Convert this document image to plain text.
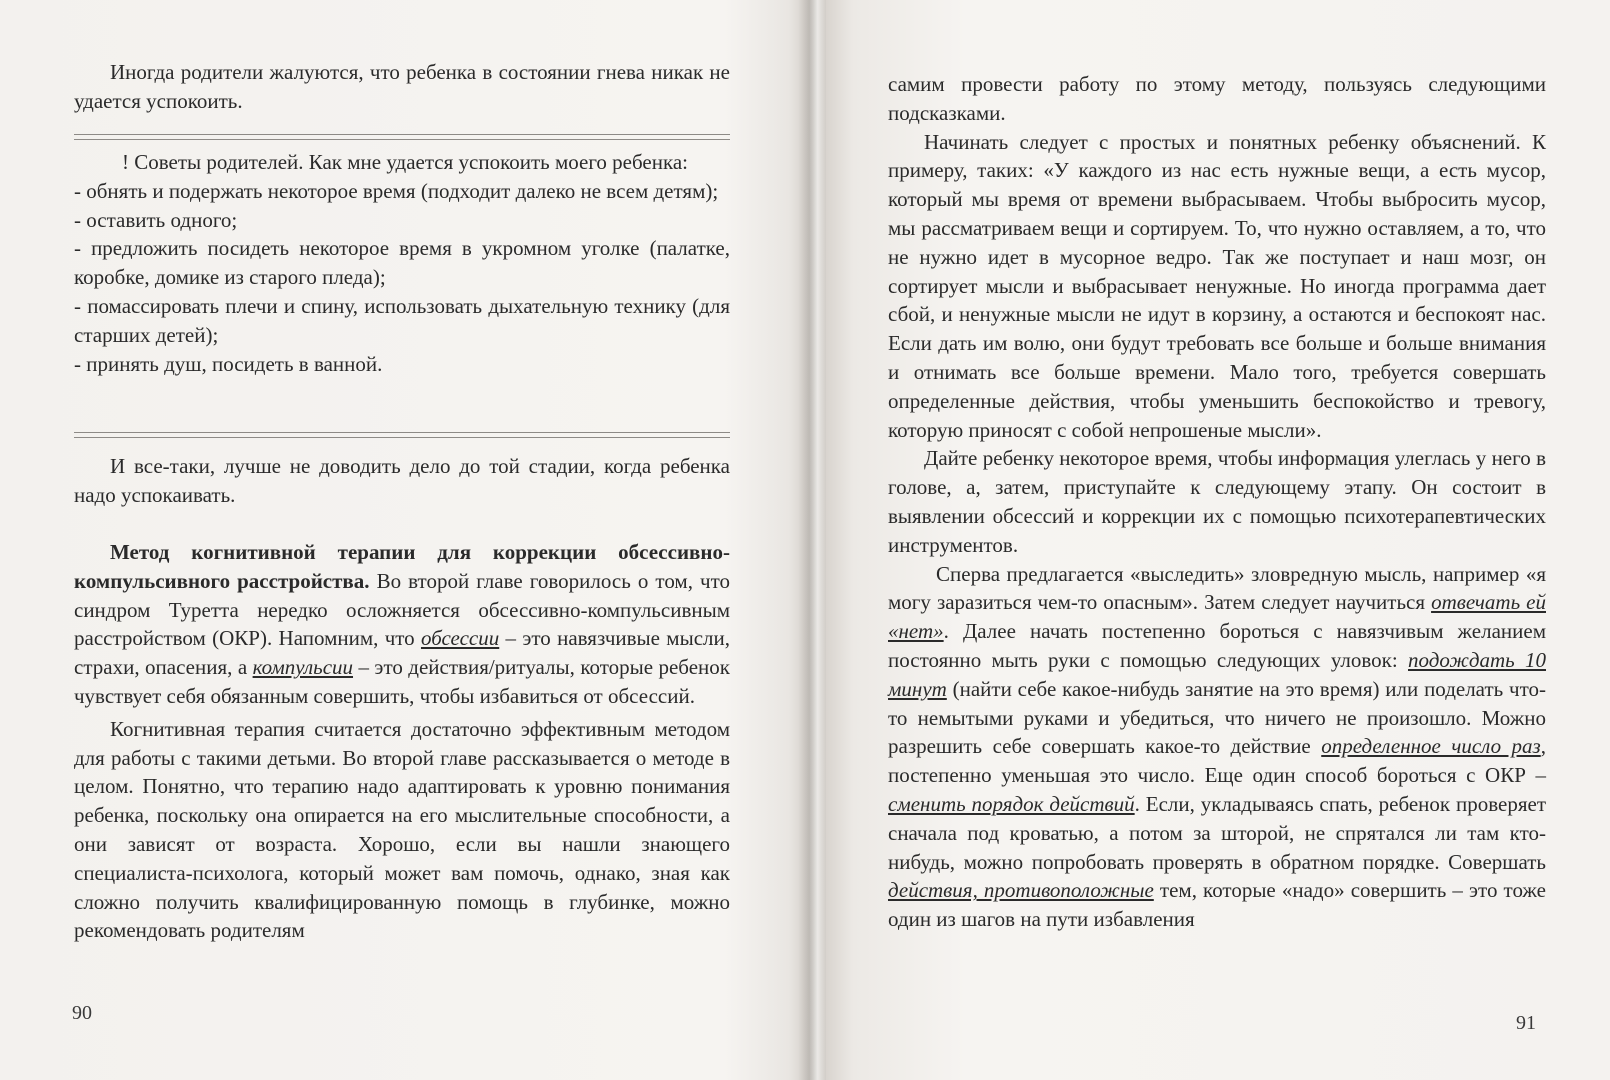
Иногда родители жалуются, что ребенка в состоянии гнева никак не удается успокоить.

! Советы родителей. Как мне удается успокоить моего ребенка:

- обнять и подержать некоторое время (подходит далеко не всем детям);

- оставить одного;

- предложить посидеть некоторое время в укромном уголке (палатке, коробке, домике из старого пледа);

- помассировать плечи и спину, использовать дыхательную технику (для старших детей);

- принять душ, посидеть в ванной.

И все-таки, лучше не доводить дело до той стадии, когда ребенка надо успокаивать.

Метод когнитивной терапии для коррекции обсессивно-компульсивного расстройства. Во второй главе говорилось о том, что синдром Туретта нередко осложняется обсессивно-компульсивным расстройством (ОКР). Напомним, что обсессии – это навязчивые мысли, страхи, опасения, а компульсии – это действия/ритуалы, которые ребенок чувствует себя обязанным совершить, чтобы избавиться от обсессий.

Когнитивная терапия считается достаточно эффективным методом для работы с такими детьми. Во второй главе рассказывается о методе в целом. Понятно, что терапию надо адаптировать к уровню понимания ребенка, поскольку она опирается на его мыслительные способности, а они зависят от возраста. Хорошо, если вы нашли знающего специалиста-психолога, который может вам помочь, однако, зная как сложно получить квалифицированную помощь в глубинке, можно рекомендовать родителям

90

самим провести работу по этому методу, пользуясь следующими подсказками.

Начинать следует с простых и понятных ребенку объяснений. К примеру, таких: «У каждого из нас есть нужные вещи, а есть мусор, который мы время от времени выбрасываем. Чтобы выбросить мусор, мы рассматриваем вещи и сортируем. То, что нужно оставляем, а то, что не нужно идет в мусорное ведро. Так же поступает и наш мозг, он сортирует мысли и выбрасывает ненужные. Но иногда программа дает сбой, и ненужные мысли не идут в корзину, а остаются и беспокоят нас. Если дать им волю, они будут требовать все больше и больше внимания и отнимать все больше времени. Мало того, требуется совершать определенные действия, чтобы уменьшить беспокойство и тревогу, которую приносят с собой непрошеные мысли».

Дайте ребенку некоторое время, чтобы информация улеглась у него в голове, а, затем, приступайте к следующему этапу. Он состоит в выявлении обсессий и коррекции их с помощью психотерапевтических инструментов.

Сперва предлагается «выследить» зловредную мысль, например «я могу заразиться чем-то опасным». Затем следует научиться отвечать ей «нет». Далее начать постепенно бороться с навязчивым желанием постоянно мыть руки с помощью следующих уловок: подождать 10 минут (найти себе какое-нибудь занятие на это время) или поделать что-то немытыми руками и убедиться, что ничего не произошло. Можно разрешить себе совершать какое-то действие определенное число раз, постепенно уменьшая это число. Еще один способ бороться с ОКР – сменить порядок действий. Если, укладываясь спать, ребенок проверяет сначала под кроватью, а потом за шторой, не спрятался ли там кто-нибудь, можно попробовать проверять в обратном порядке. Совершать действия, противоположные тем, которые «надо» совершить – это тоже один из шагов на пути избавления

91
